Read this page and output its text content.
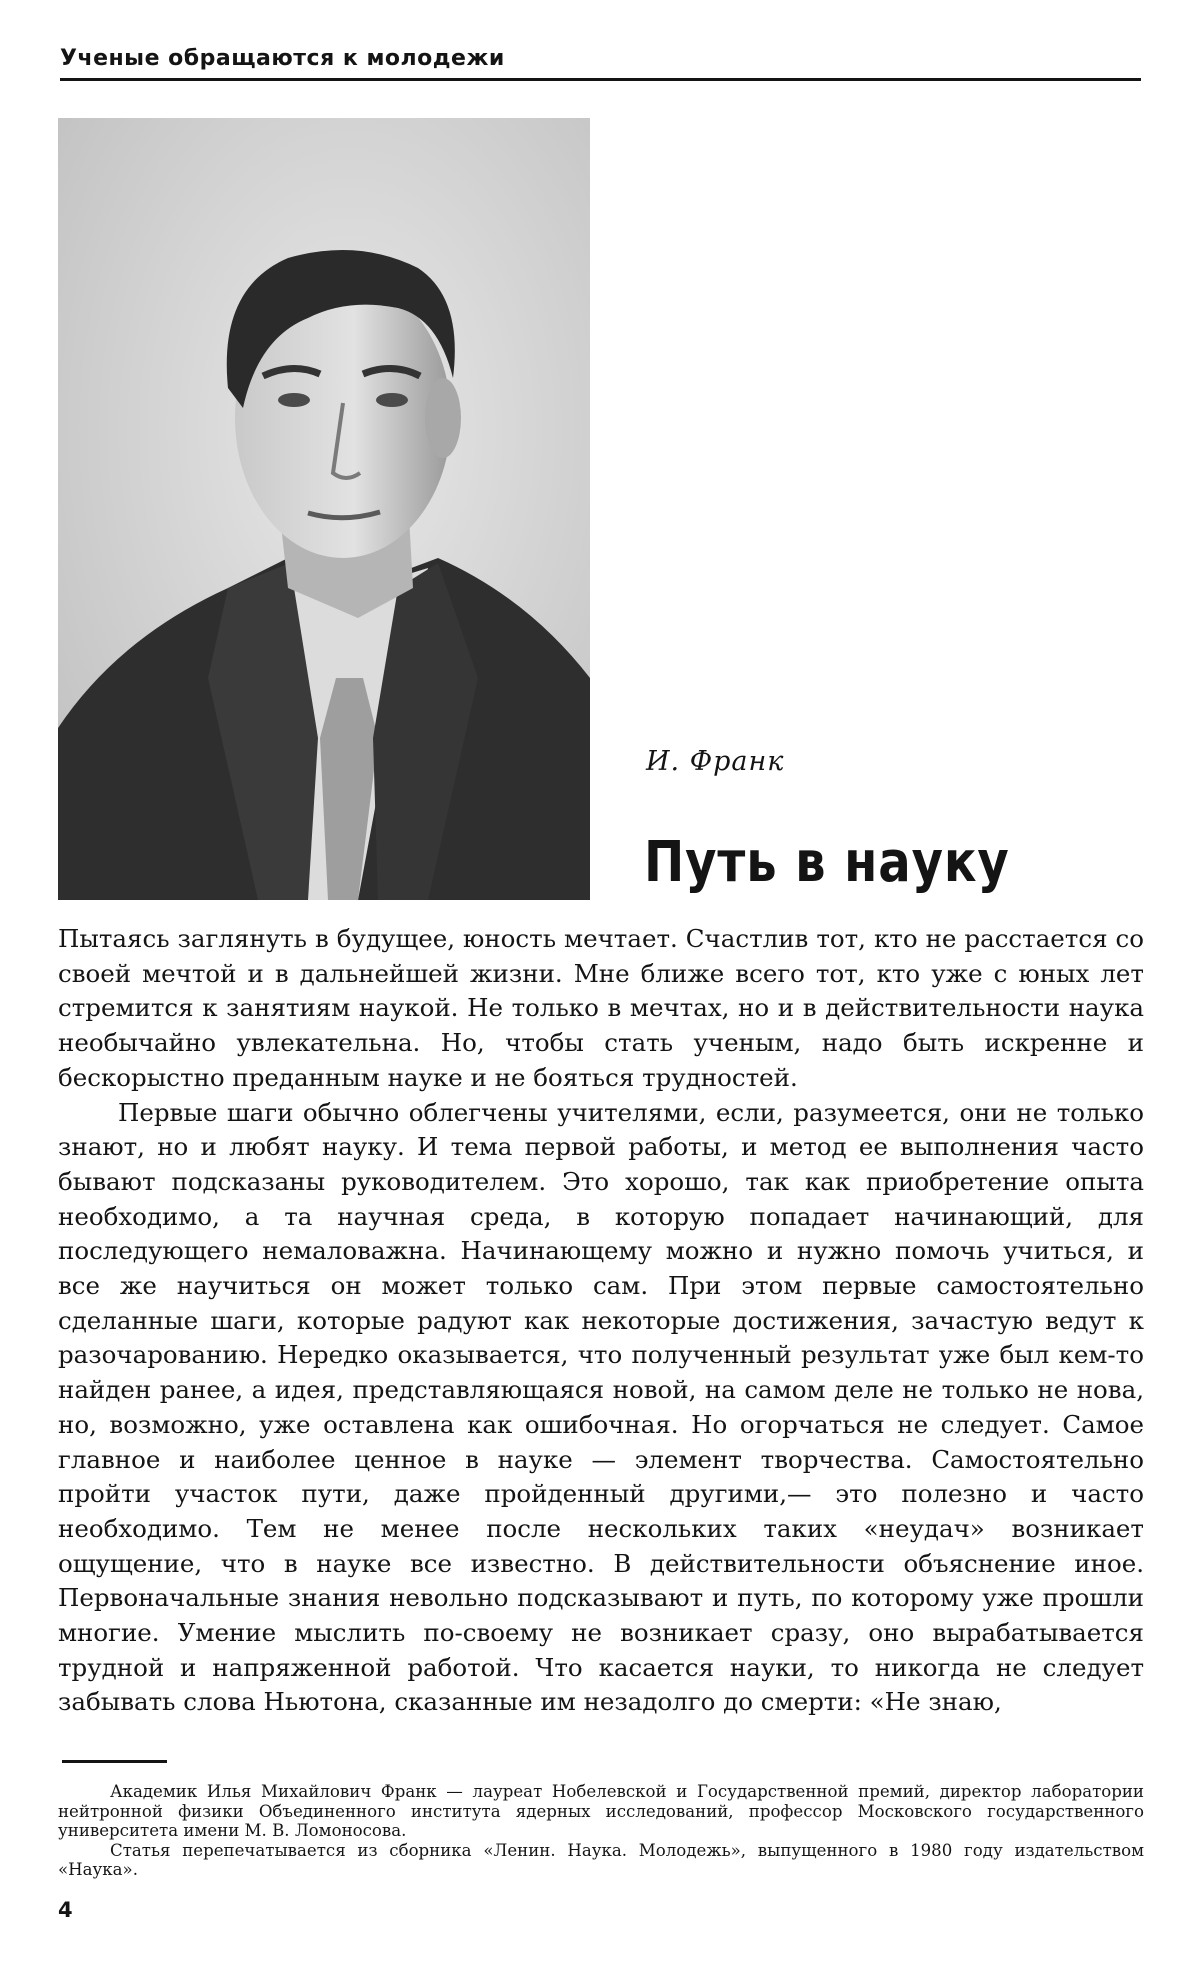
Ученые обращаются к молодежи
И. Франк
Путь в науку

Пытаясь заглянуть в будущее, юность мечтает. Счастлив тот, кто не расстается со своей мечтой и в дальнейшей жизни. Мне ближе всего тот, кто уже с юных лет стремится к занятиям наукой. Не только в мечтах, но и в действительности наука необычайно увлекательна. Но, чтобы стать ученым, надо быть искренне и бескорыстно преданным науке и не бояться трудностей.

Первые шаги обычно облегчены учителями, если, разумеется, они не только знают, но и любят науку. И тема первой работы, и метод ее выполнения часто бывают подсказаны руководителем. Это хорошо, так как приобретение опыта необходимо, а та научная среда, в которую попадает начинающий, для последующего немаловажна. Начинающему можно и нужно помочь учиться, и все же научиться он может только сам. При этом первые самостоятельно сделанные шаги, которые радуют как некоторые достижения, зачастую ведут к разочарованию. Нередко оказывается, что полученный результат уже был кем-то найден ранее, а идея, представляющаяся новой, на самом деле не только не нова, но, возможно, уже оставлена как ошибочная. Но огорчаться не следует. Самое главное и наиболее ценное в науке — элемент творчества. Самостоятельно пройти участок пути, даже пройденный другими,— это полезно и часто необходимо. Тем не менее после нескольких таких «неудач» возникает ощущение, что в науке все известно. В действительности объяснение иное. Первоначальные знания невольно подсказывают и путь, по которому уже прошли многие. Умение мыслить по-своему не возникает сразу, оно вырабатывается трудной и напряженной работой. Что касается науки, то никогда не следует забывать слова Ньютона, сказанные им незадолго до смерти: «Не знаю,

Академик Илья Михайлович Франк — лауреат Нобелевской и Государственной премий, директор лаборатории нейтронной физики Объединенного института ядерных исследований, профессор Московского государственного университета имени М. В. Ломоносова.

Статья перепечатывается из сборника «Ленин. Наука. Молодежь», выпущенного в 1980 году издательством «Наука».

4
